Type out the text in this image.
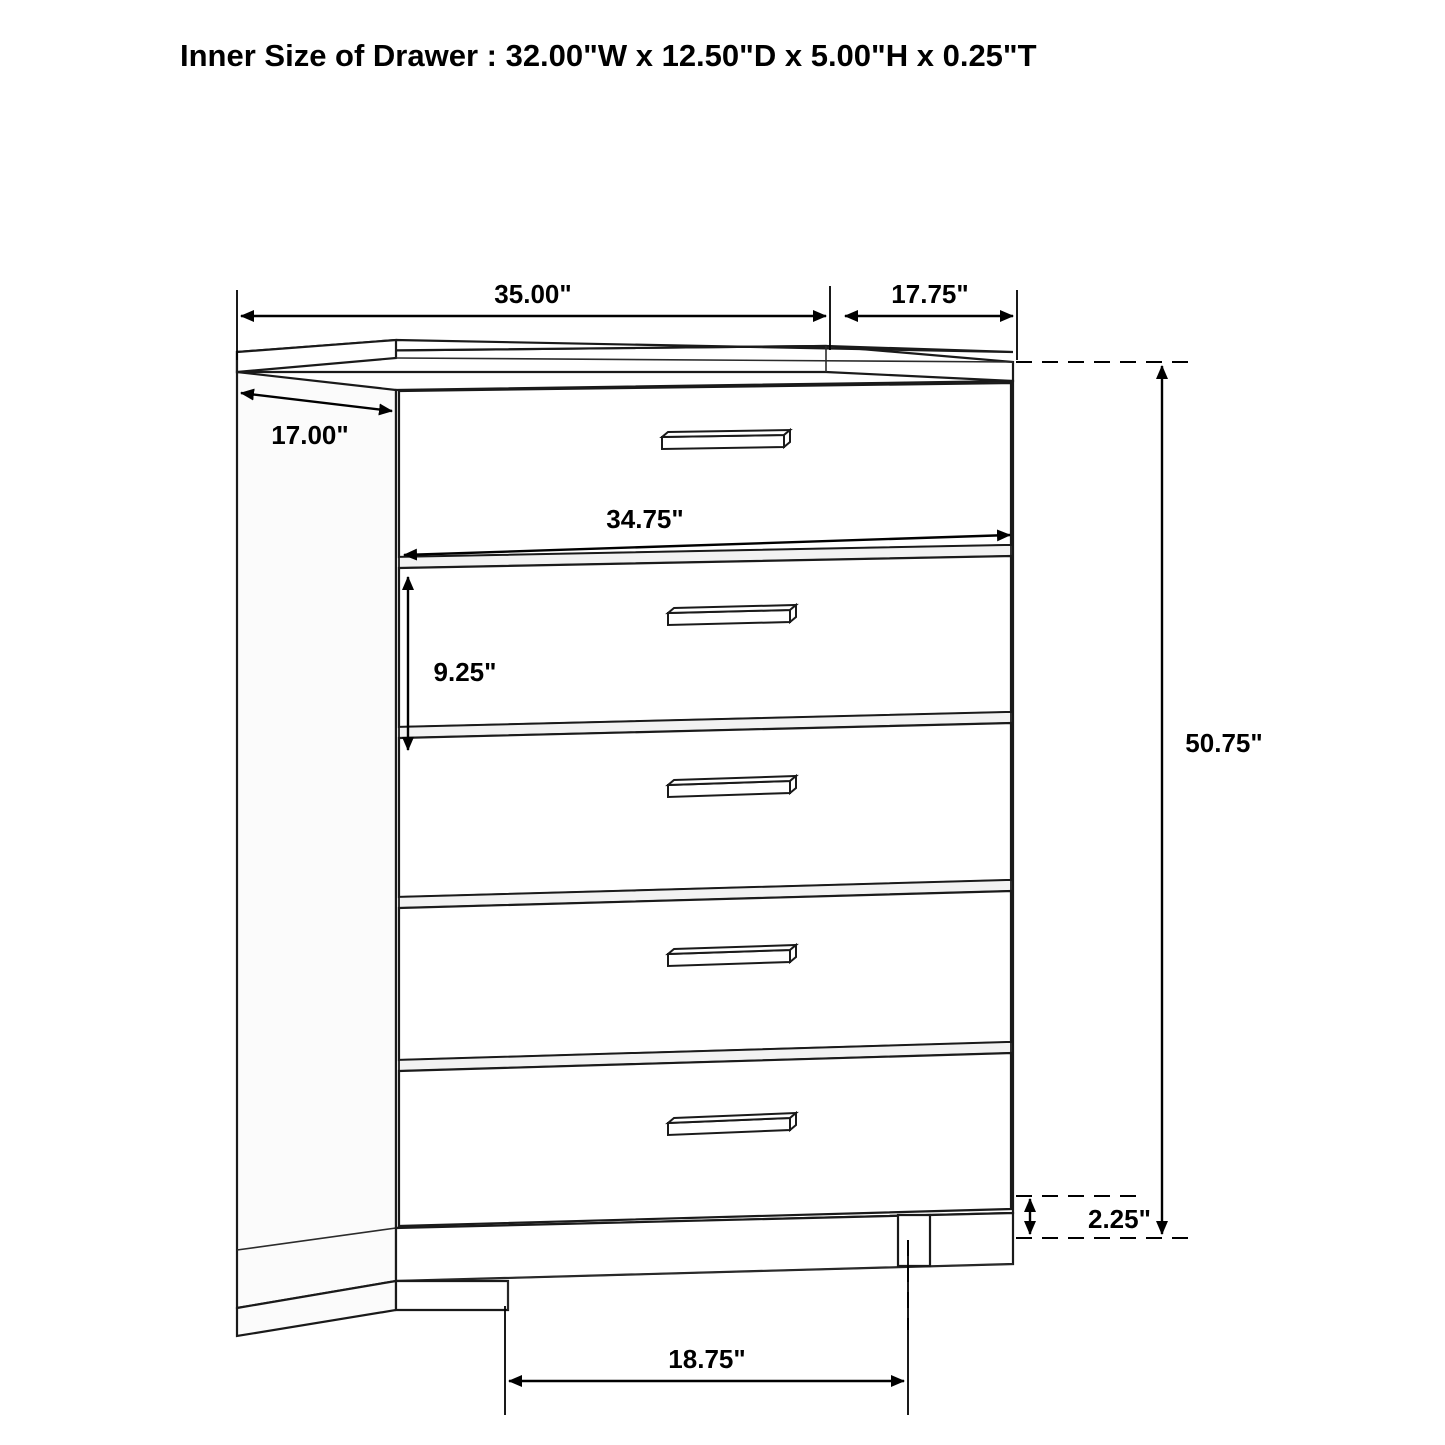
35.00"	17.75"
17.00"
34.75"
9.25"
50.75"
2.25"
18.75"
Inner Size of Drawer : 32.00"W x 12.50"D x 5.00"H x 0.25"T
